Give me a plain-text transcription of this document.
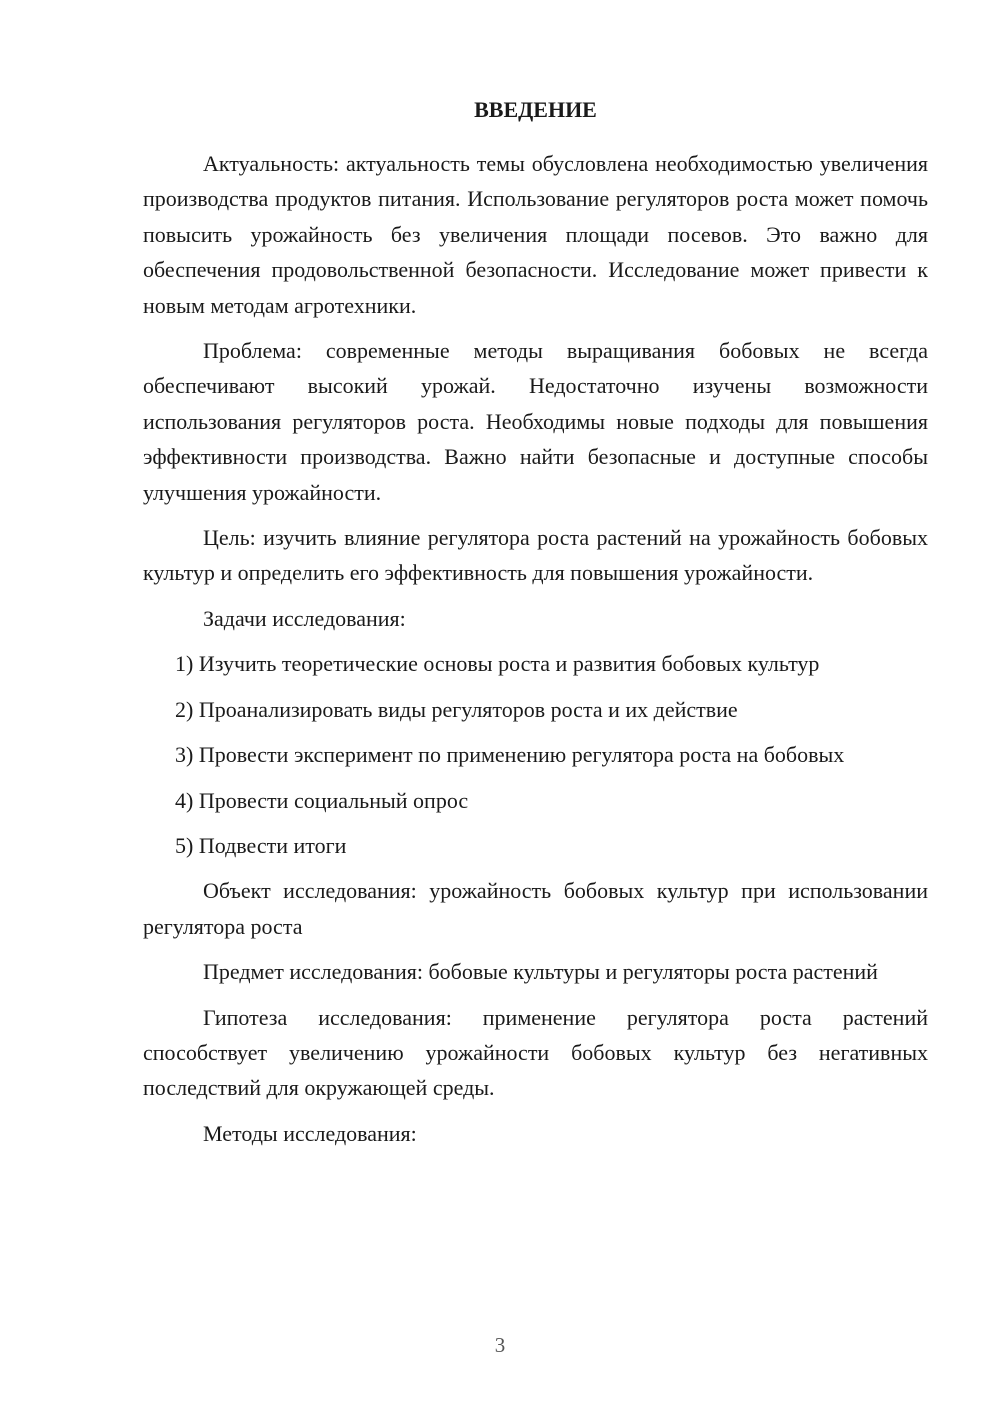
ВВЕДЕНИЕ

Актуальность: актуальность темы обусловлена необходимостью увеличения производства продуктов питания. Использование регуляторов роста может помочь повысить урожайность без увеличения площади посевов. Это важно для обеспечения продовольственной безопасности. Исследование может привести к новым методам агротехники.

Проблема: современные методы выращивания бобовых не всегда обеспечивают высокий урожай. Недостаточно изучены возможности использования регуляторов роста. Необходимы новые подходы для повышения эффективности производства. Важно найти безопасные и доступные способы улучшения урожайности.

Цель: изучить влияние регулятора роста растений на урожайность бобовых культур и определить его эффективность для повышения урожайности.

Задачи исследования:

1) Изучить теоретические основы роста и развития бобовых культур

2) Проанализировать виды регуляторов роста и их действие

3) Провести эксперимент по применению регулятора роста на бобовых

4) Провести социальный опрос

5) Подвести итоги

Объект исследования: урожайность бобовых культур при использовании регулятора роста

Предмет исследования: бобовые культуры и регуляторы роста растений

Гипотеза исследования: применение регулятора роста растений способствует увеличению урожайности бобовых культур без негативных последствий для окружающей среды.

Методы исследования:

3
